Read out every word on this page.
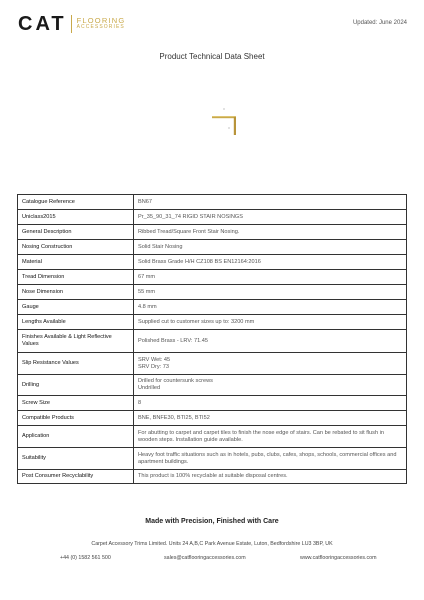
CAT FLOORING
ACCESSORIES
Updated: June 2024
Product Technical Data Sheet
Catalogue Reference	BN67

Uniclass2015	Pr_35_90_31_74 RIGID STAIR NOSINGS

General Description	Ribbed Tread/Square Front Stair Nosing.

Nosing Construction	Solid Stair Nosing

Material	Solid Brass Grade H/H CZ108 BS EN12164:2016

Tread Dimension	67 mm

Nose Dimension	55 mm

Gauge	4.8 mm

Lengths Available	Supplied cut to customer sizes up to: 3200 mm

Finishes Available & Light Reflective Values	Polished Brass - LRV: 71.45

Slip Resistance Values	SRV Wet: 45
SRV Dry: 73

Drilling	Drilled for countersunk screws
Undrilled

Screw Size	8

Compatible Products	BNE, BNFE30, BTI25, BTI52

Application	For abutting to carpet and carpet tiles to finish the nose edge of stairs. Can be rebated to sit flush in wooden steps. Installation guide available.

Suitability	Heavy foot traffic situations such as in hotels, pubs, clubs, cafes, shops, schools, commercial offices and apartment buildings.

Post Consumer Recyclability	This product is 100% recyclable at suitable disposal centres.
Made with Precision, Finished with Care
Carpet Accessory Trims Limited. Units 24 A,B,C Park Avenue Estate, Luton, Bedfordshire LU3 3BP, UK
+44 (0) 1582 561 500	sales@catflooringaccessories.com	www.catflooringaccessories.com
